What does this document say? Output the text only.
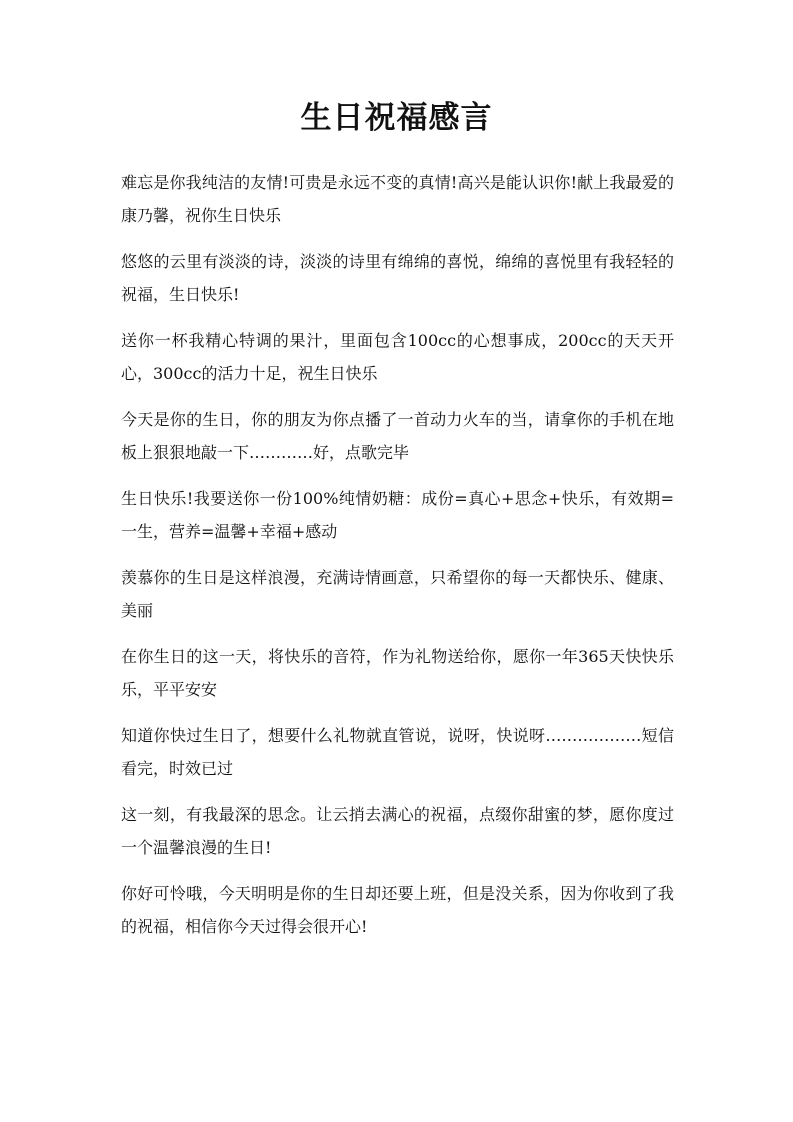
生日祝福感言

难忘是你我纯洁的友情!可贵是永远不变的真情!高兴是能认识你!献上我最爱的康乃馨，祝你生日快乐

悠悠的云里有淡淡的诗，淡淡的诗里有绵绵的喜悦，绵绵的喜悦里有我轻轻的祝福，生日快乐!

送你一杯我精心特调的果汁，里面包含100cc的心想事成，200cc的天天开心，300cc的活力十足，祝生日快乐

今天是你的生日，你的朋友为你点播了一首动力火车的当，请拿你的手机在地板上狠狠地敲一下…………好，点歌完毕

生日快乐!我要送你一份100%纯情奶糖：成份=真心+思念+快乐，有效期=一生，营养=温馨+幸福+感动

羡慕你的生日是这样浪漫，充满诗情画意，只希望你的每一天都快乐、健康、美丽

在你生日的这一天，将快乐的音符，作为礼物送给你，愿你一年365天快快乐乐，平平安安

知道你快过生日了，想要什么礼物就直管说，说呀，快说呀………………短信看完，时效已过

这一刻，有我最深的思念。让云捎去满心的祝福，点缀你甜蜜的梦，愿你度过一个温馨浪漫的生日!

你好可怜哦，今天明明是你的生日却还要上班，但是没关系，因为你收到了我的祝福，相信你今天过得会很开心!
